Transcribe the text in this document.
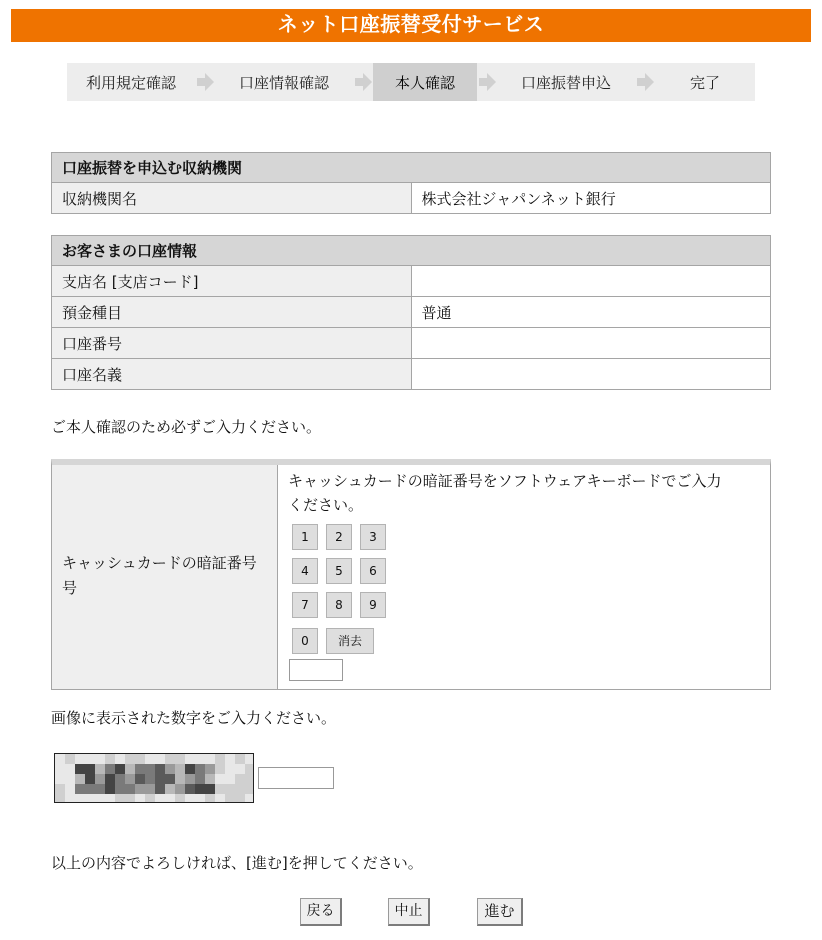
ネット口座振替受付サービス
利用規定確認	口座情報確認	本人確認	口座振替申込	完了
口座振替を申込む収納機関
収納機関名	株式会社ジャパンネット銀行
お客さまの口座情報	
支店名 [支店コード]	
預金種目	普通
口座番号	
口座名義	
ご本人確認のため必ずご入力ください。
キャッシュカードの暗証番号
号
キャッシュカードの暗証番号をソフトウェアキーボードでご入力
ください。
1	2	3
4	5	6
7	8	9
0	消去
画像に表示された数字をご入力ください。
以上の内容でよろしければ、[進む]を押してください。
戻る	中止	進む
